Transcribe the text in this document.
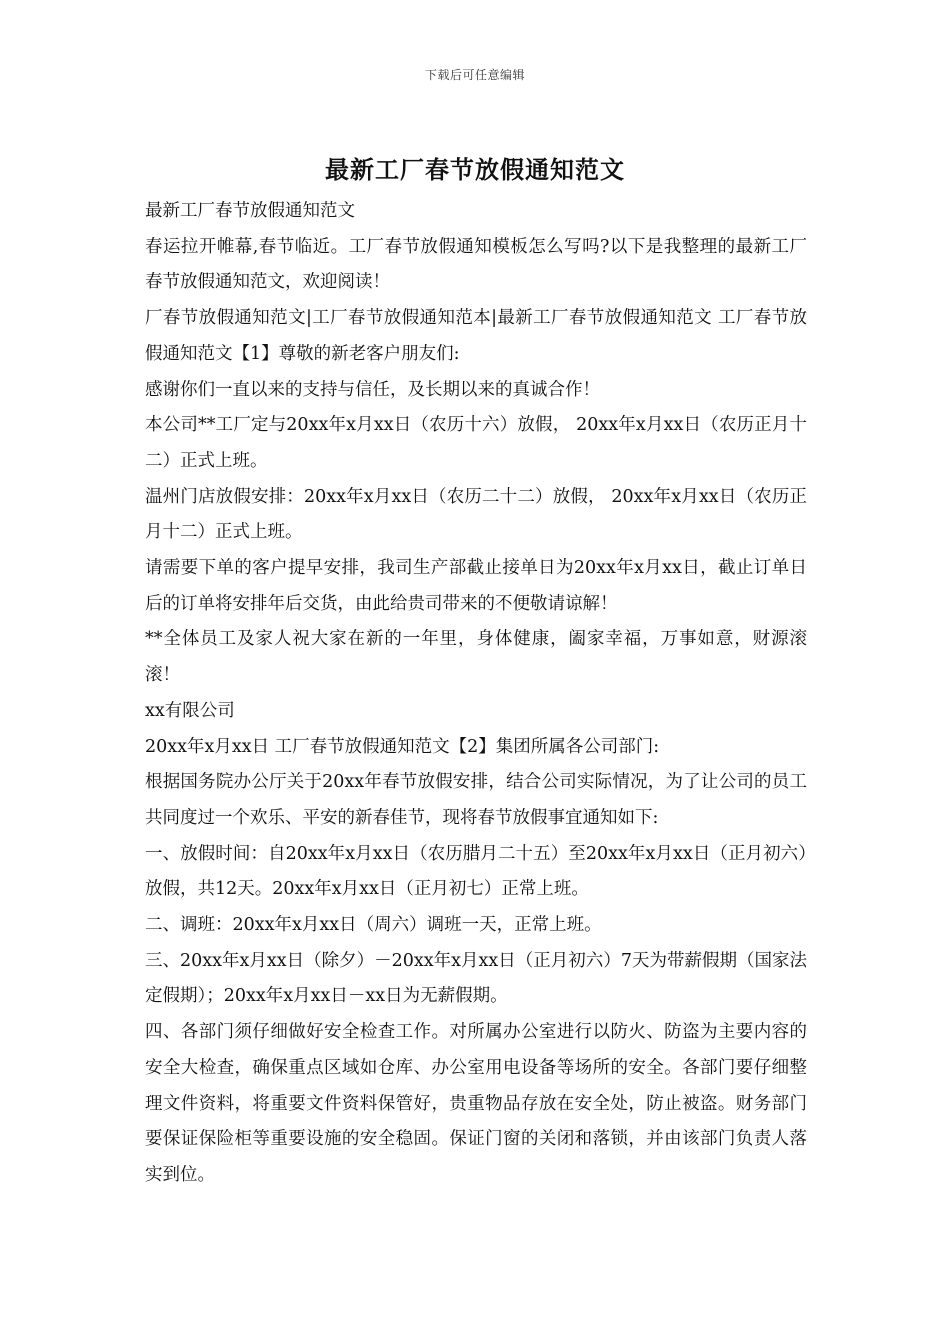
下载后可任意编辑
最新工厂春节放假通知范文

最新工厂春节放假通知范文

春运拉开帷幕,春节临近。工厂春节放假通知模板怎么写吗?以下是我整理的最新工厂春节放假通知范文，欢迎阅读！

厂春节放假通知范文|工厂春节放假通知范本|最新工厂春节放假通知范文 工厂春节放假通知范文【1】尊敬的新老客户朋友们:

感谢你们一直以来的支持与信任，及长期以来的真诚合作！

本公司**工厂定与20xx年x月xx日（农历十六）放假， 20xx年x月xx日（农历正月十二）正式上班。

温州门店放假安排：20xx年x月xx日（农历二十二）放假， 20xx年x月xx日（农历正月十二）正式上班。

请需要下单的客户提早安排，我司生产部截止接单日为20xx年x月xx日，截止订单日后的订单将安排年后交货，由此给贵司带来的不便敬请谅解！

**全体员工及家人祝大家在新的一年里，身体健康，阖家幸福，万事如意，财源滚滚！

xx有限公司

20xx年x月xx日 工厂春节放假通知范文【2】集团所属各公司部门:

根据国务院办公厅关于20xx年春节放假安排，结合公司实际情况，为了让公司的员工共同度过一个欢乐、平安的新春佳节，现将春节放假事宜通知如下:

一、放假时间：自20xx年x月xx日（农历腊月二十五）至20xx年x月xx日（正月初六）放假，共12天。20xx年x月xx日（正月初七）正常上班。

二、调班：20xx年x月xx日（周六）调班一天，正常上班。

三、20xx年x月xx日（除夕）－20xx年x月xx日（正月初六）7天为带薪假期（国家法定假期）；20xx年x月xx日－xx日为无薪假期。

四、各部门须仔细做好安全检查工作。对所属办公室进行以防火、防盗为主要内容的安全大检查，确保重点区域如仓库、办公室用电设备等场所的安全。各部门要仔细整理文件资料，将重要文件资料保管好，贵重物品存放在安全处，防止被盗。财务部门要保证保险柜等重要设施的安全稳固。保证门窗的关闭和落锁，并由该部门负责人落实到位。
